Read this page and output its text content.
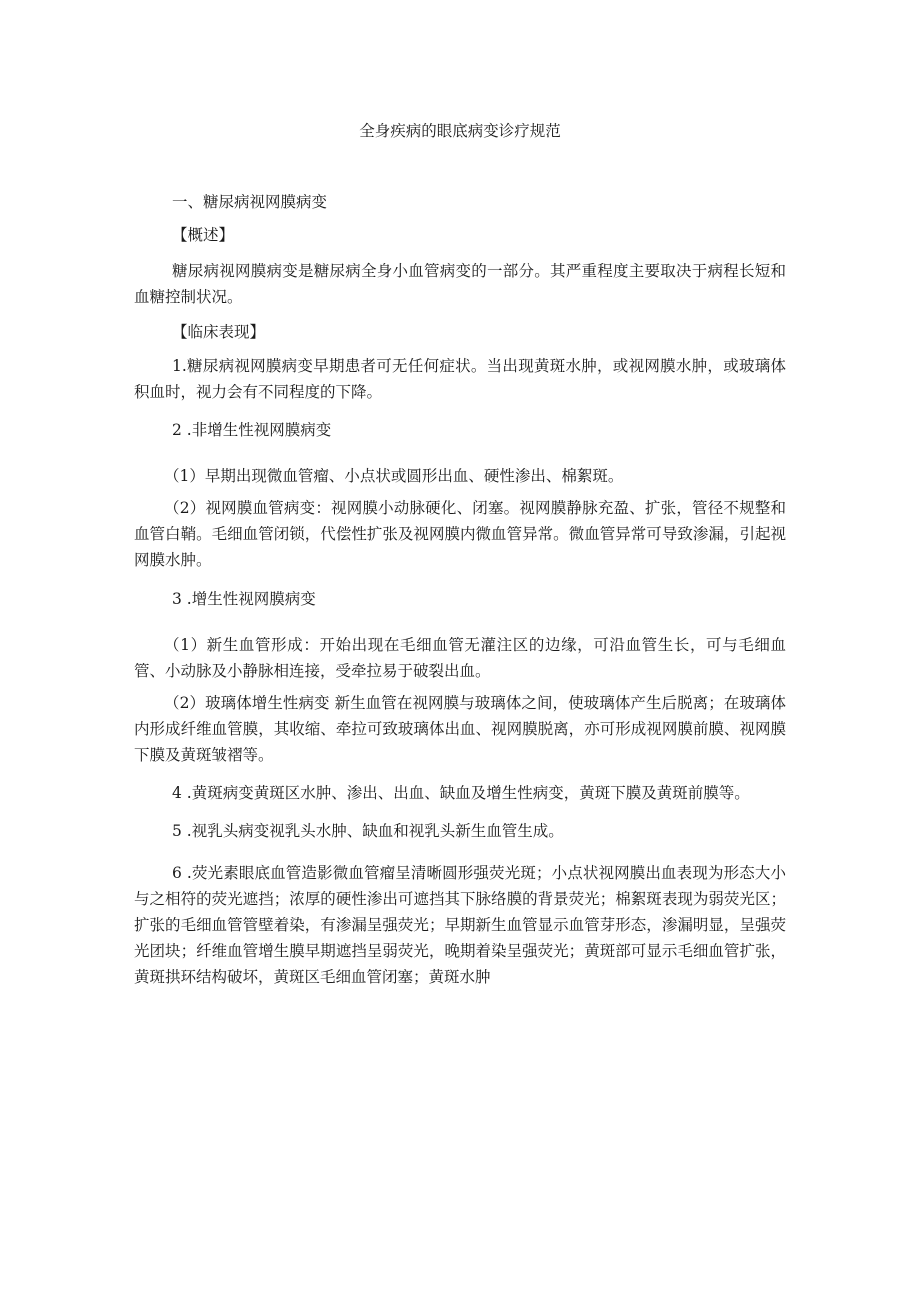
全身疾病的眼底病变诊疗规范

一、糖尿病视网膜病变

【概述】

糖尿病视网膜病变是糖尿病全身小血管病变的一部分。其严重程度主要取决于病程长短和血糖控制状况。

【临床表现】

1.糖尿病视网膜病变早期患者可无任何症状。当出现黄斑水肿，或视网膜水肿，或玻璃体积血时，视力会有不同程度的下降。

2 .非增生性视网膜病变

（1）早期出现微血管瘤、小点状或圆形出血、硬性渗出、棉絮斑。

（2）视网膜血管病变：视网膜小动脉硬化、闭塞。视网膜静脉充盈、扩张，管径不规整和血管白鞘。毛细血管闭锁，代偿性扩张及视网膜内微血管异常。微血管异常可导致渗漏，引起视网膜水肿。

3 .增生性视网膜病变

（1）新生血管形成：开始出现在毛细血管无灌注区的边缘，可沿血管生长，可与毛细血管、小动脉及小静脉相连接，受牵拉易于破裂出血。

（2）玻璃体增生性病变 新生血管在视网膜与玻璃体之间，使玻璃体产生后脱离；在玻璃体内形成纤维血管膜，其收缩、牵拉可致玻璃体出血、视网膜脱离，亦可形成视网膜前膜、视网膜下膜及黄斑皱褶等。

4 .黄斑病变黄斑区水肿、渗出、出血、缺血及增生性病变，黄斑下膜及黄斑前膜等。

5 .视乳头病变视乳头水肿、缺血和视乳头新生血管生成。

6 .荧光素眼底血管造影微血管瘤呈清晰圆形强荧光斑；小点状视网膜出血表现为形态大小与之相符的荧光遮挡；浓厚的硬性渗出可遮挡其下脉络膜的背景荧光；棉絮斑表现为弱荧光区；扩张的毛细血管管壁着染，有渗漏呈强荧光；早期新生血管显示血管芽形态，渗漏明显，呈强荧光团块；纤维血管增生膜早期遮挡呈弱荧光，晚期着染呈强荧光；黄斑部可显示毛细血管扩张，黄斑拱环结构破坏，黄斑区毛细血管闭塞；黄斑水肿
